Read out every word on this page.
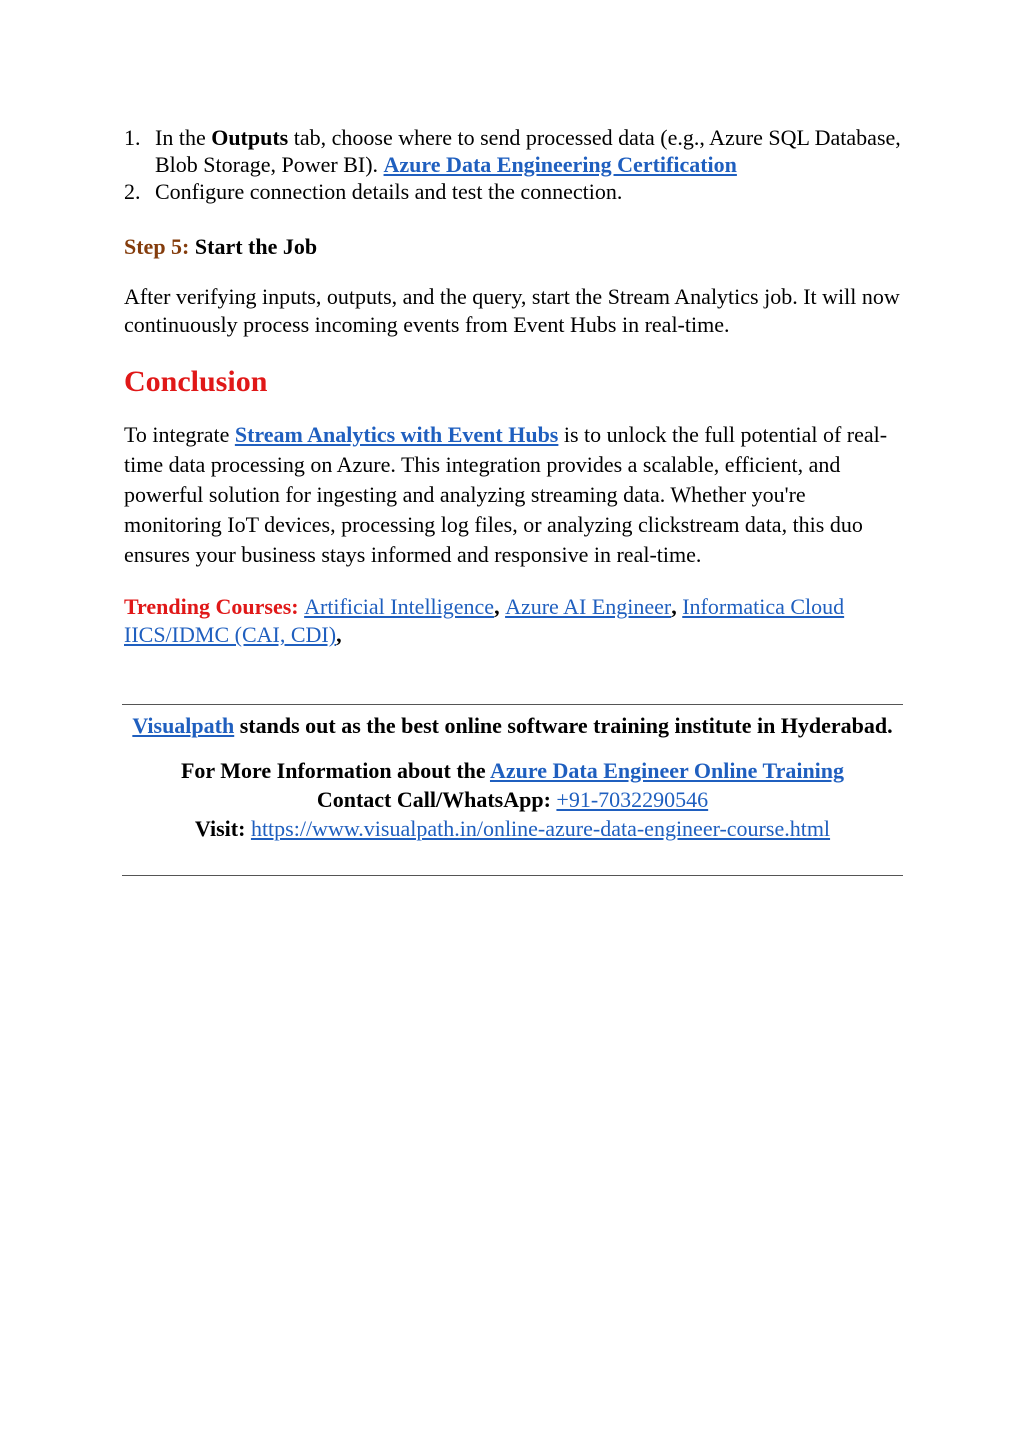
1. In the Outputs tab, choose where to send processed data (e.g., Azure SQL Database, Blob Storage, Power BI). Azure Data Engineering Certification
2. Configure connection details and test the connection.

Step 5: Start the Job

After verifying inputs, outputs, and the query, start the Stream Analytics job. It will now continuously process incoming events from Event Hubs in real-time.

Conclusion

To integrate Stream Analytics with Event Hubs is to unlock the full potential of real-time data processing on Azure. This integration provides a scalable, efficient, and powerful solution for ingesting and analyzing streaming data. Whether you're monitoring IoT devices, processing log files, or analyzing clickstream data, this duo ensures your business stays informed and responsive in real-time.

Trending Courses: Artificial Intelligence, Azure AI Engineer, Informatica Cloud IICS/IDMC (CAI, CDI),

Visualpath stands out as the best online software training institute in Hyderabad.
For More Information about the Azure Data Engineer Online Training
Contact Call/WhatsApp: +91-7032290546
Visit: https://www.visualpath.in/online-azure-data-engineer-course.html
